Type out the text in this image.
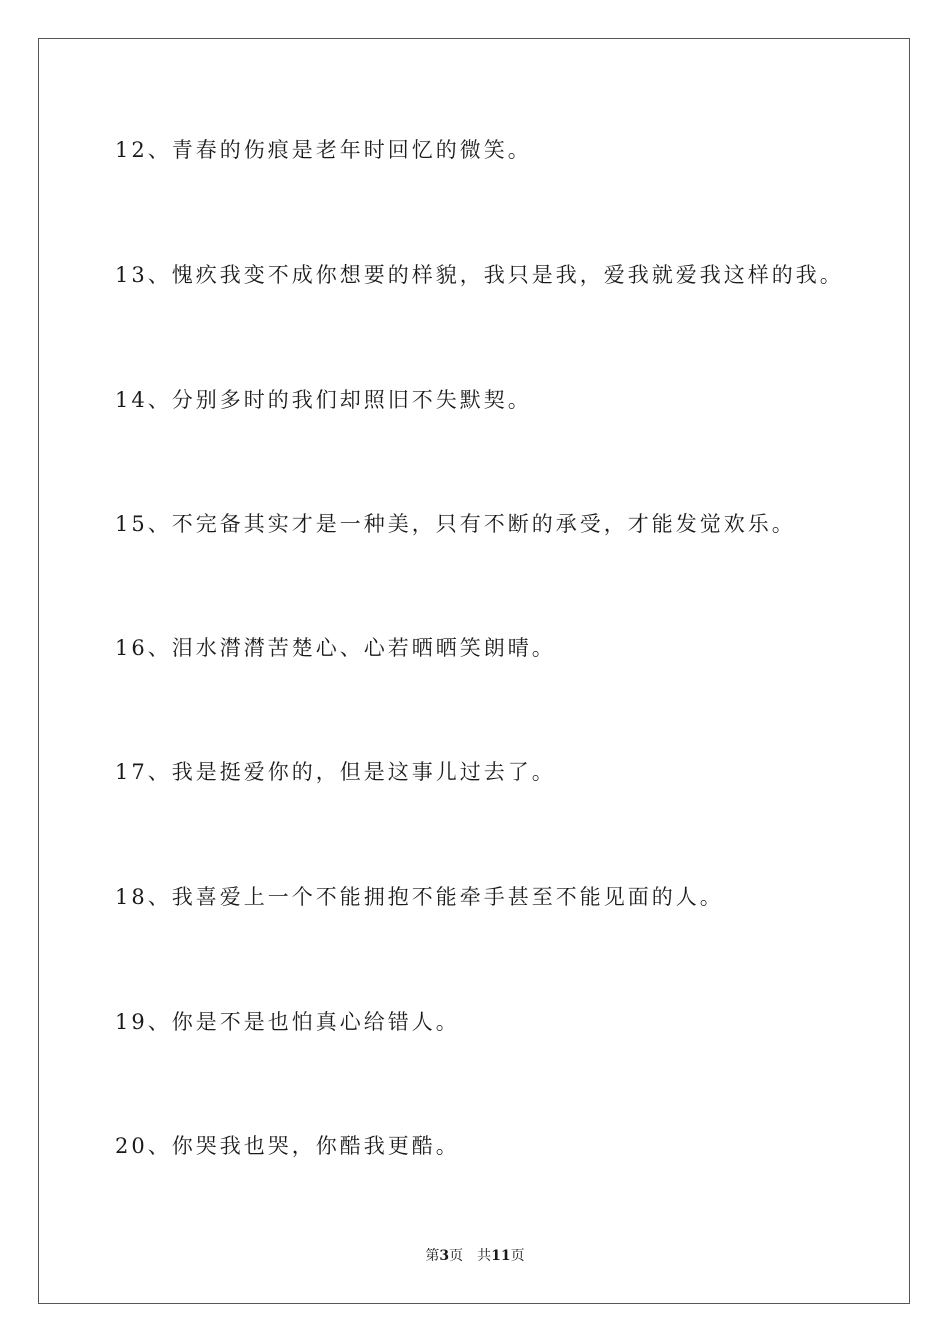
12、青春的伤痕是老年时回忆的微笑。
13、愧疚我变不成你想要的样貌，我只是我，爱我就爱我这样的我。
14、分别多时的我们却照旧不失默契。
15、不完备其实才是一种美，只有不断的承受，才能发觉欢乐。
16、泪水潸潸苦楚心、心若晒晒笑朗晴。
17、我是挺爱你的，但是这事儿过去了。
18、我喜爱上一个不能拥抱不能牵手甚至不能见面的人。
19、你是不是也怕真心给错人。
20、你哭我也哭，你酷我更酷。
第3页 共11页
